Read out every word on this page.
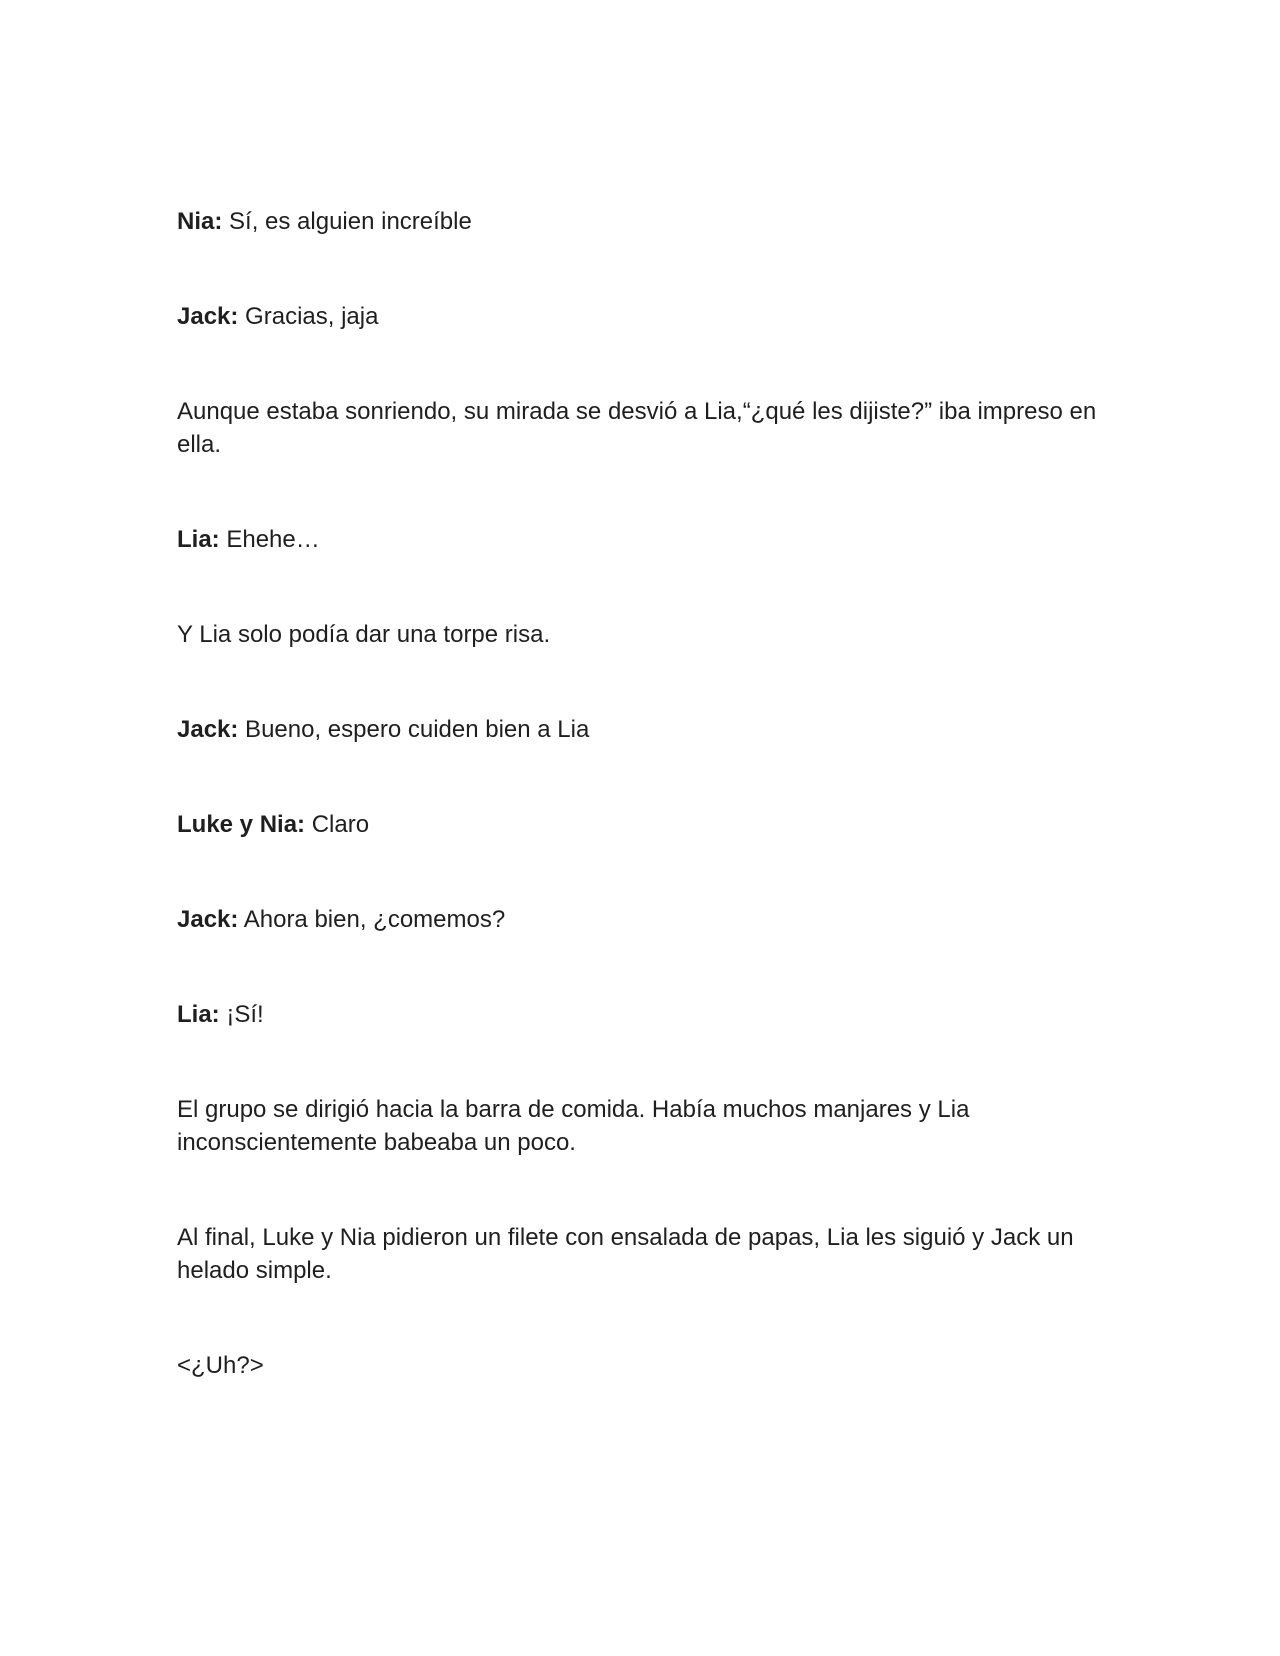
Nia: Sí, es alguien increíble

Jack: Gracias, jaja

Aunque estaba sonriendo, su mirada se desvió a Lia,“¿qué les dijiste?” iba impreso en ella.

Lia: Ehehe…

Y Lia solo podía dar una torpe risa.

Jack: Bueno, espero cuiden bien a Lia

Luke y Nia: Claro

Jack: Ahora bien, ¿comemos?

Lia: ¡Sí!

El grupo se dirigió hacia la barra de comida. Había muchos manjares y Lia inconscientemente babeaba un poco.

Al final, Luke y Nia pidieron un filete con ensalada de papas, Lia les siguió y Jack un helado simple.

<¿Uh?>
